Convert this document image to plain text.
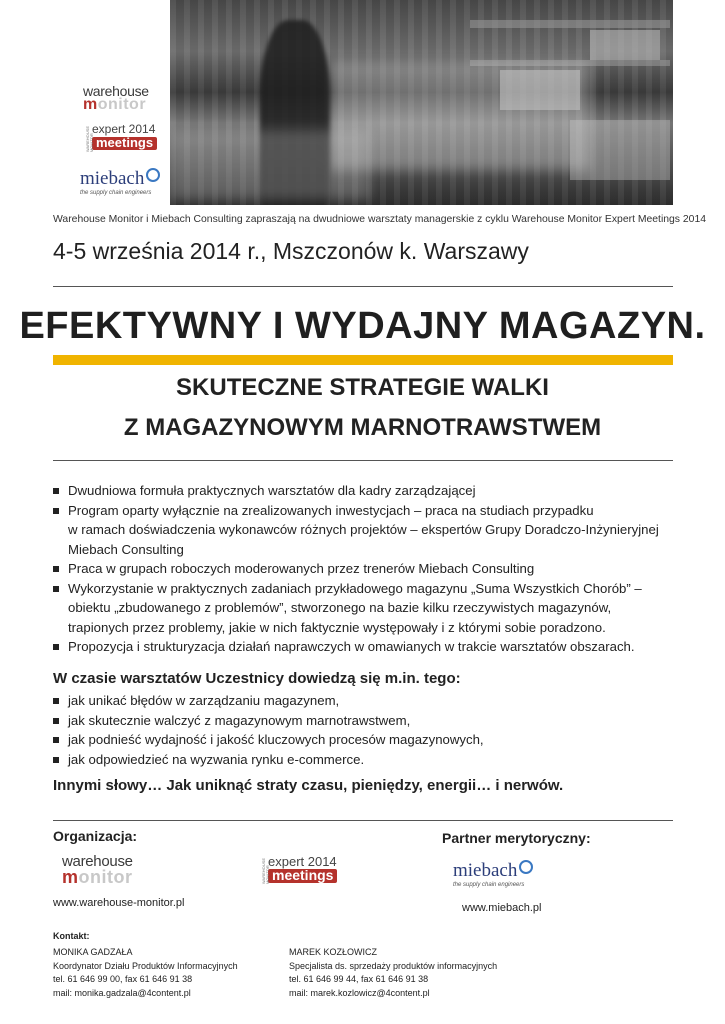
warehouse
monitor
WAREHOUSE MONITOR
expert 2014
meetings
miebach
the supply chain engineers
Warehouse Monitor i Miebach Consulting zapraszają na dwudniowe warsztaty managerskie z cyklu Warehouse Monitor Expert Meetings 2014
4-5 września 2014 r., Mszczonów k. Warszawy
EFEKTYWNY I WYDAJNY MAGAZYN.
SKUTECZNE STRATEGIE WALKI
Z MAGAZYNOWYM MARNOTRAWSTWEM
Dwudniowa formuła praktycznych warsztatów dla kadry zarządzającej
Program oparty wyłącznie na zrealizowanych inwestycjach – praca na studiach przypadku
w ramach doświadczenia wykonawców różnych projektów – ekspertów Grupy Doradczo-Inżynieryjnej
Miebach Consulting
Praca w grupach roboczych moderowanych przez trenerów Miebach Consulting
Wykorzystanie w praktycznych zadaniach przykładowego magazynu „Suma Wszystkich Chorób” –
obiektu „zbudowanego z problemów”, stworzonego na bazie kilku rzeczywistych magazynów,
trapionych przez problemy, jakie w nich faktycznie występowały i z którymi sobie poradzono.
Propozycja i strukturyzacja działań naprawczych w omawianych w trakcie warsztatów obszarach.
W czasie warsztatów Uczestnicy dowiedzą się m.in. tego:
jak unikać błędów w zarządzaniu magazynem,
jak skutecznie walczyć z magazynowym marnotrawstwem,
jak podnieść wydajność i jakość kluczowych procesów magazynowych,
jak odpowiedzieć na wyzwania rynku e-commerce.
Innymi słowy… Jak uniknąć straty czasu, pieniędzy, energii… i nerwów.
Organizacja:	Partner merytoryczny:
warehouse
monitor	WAREHOUSE MONITOR
expert 2014
meetings	miebach
the supply chain engineers
www.warehouse-monitor.pl	www.miebach.pl
Kontakt:
MONIKA GADZAŁA
Koordynator Działu Produktów Informacyjnych
tel. 61 646 99 00, fax 61 646 91 38
mail: monika.gadzala@4content.pl
MAREK KOZŁOWICZ
Specjalista ds. sprzedaży produktów informacyjnych
tel. 61 646 99 44, fax 61 646 91 38
mail: marek.kozlowicz@4content.pl
